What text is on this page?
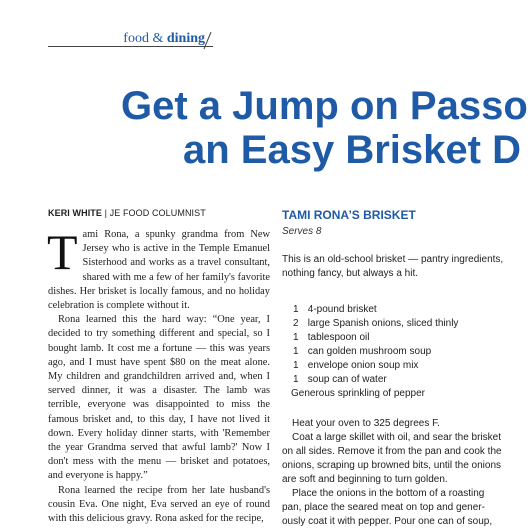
food & dining
Get a Jump on Passo
an Easy Brisket D
KERI WHITE | JE FOOD COLUMNIST

Tami Rona, a spunky grandma from New Jersey who is active in the Temple Emanuel Sisterhood and works as a travel consultant, shared with me a few of her family's favorite dishes. Her brisket is locally famous, and no holiday celebration is complete without it.

Rona learned this the hard way: “One year, I decided to try something different and special, so I bought lamb. It cost me a fortune — this was years ago, and I must have spent $80 on the meat alone. My children and grandchildren arrived and, when I served dinner, it was a disaster. The lamb was terrible, everyone was disappointed to miss the famous brisket and, to this day, I have not lived it down. Every holiday dinner starts, with 'Remember the year Grandma served that awful lamb?' Now I don't mess with the menu — brisket and potatoes, and everyone is happy.”

Rona learned the recipe from her late husband's cousin Eva. One night, Eva served an eye of round with this delicious gravy. Rona asked for the recipe,

TAMI RONA’S BRISKET
Serves 8
This is an old-school brisket — pantry ingredients,
nothing fancy, but always a hit.
1 4-pound brisket
2 large Spanish onions, sliced thinly
1 tablespoon oil
1 can golden mushroom soup
1 envelope onion soup mix
1 soup can of water
Generous sprinkling of pepper

Heat your oven to 325 degrees F.

Coat a large skillet with oil, and sear the brisket

on all sides. Remove it from the pan and cook the

onions, scraping up browned bits, until the onions

are soft and beginning to turn golden.

Place the onions in the bottom of a roasting

pan, place the seared meat on top and gener-

ously coat it with pepper. Pour one can of soup,
